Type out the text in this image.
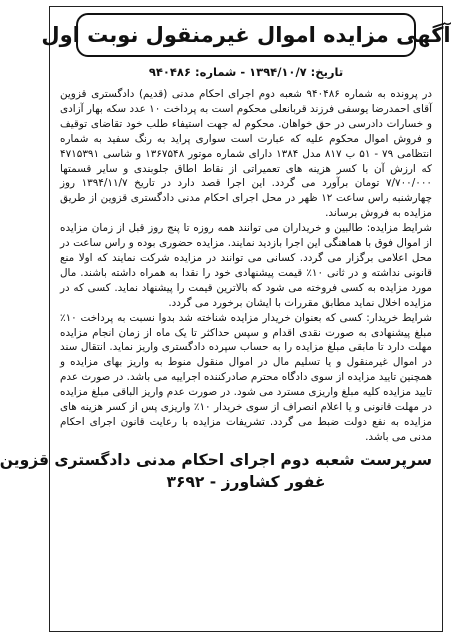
آگهی مزایده اموال غیرمنقول نوبت اول
تاریخ: ۱۳۹۴/۱۰/۷ - شماره: ۹۴۰۴۸۶

در پرونده به شماره ۹۴۰۴۸۶ شعبه دوم اجرای احکام مدنی (قدیم) دادگستری قزوین آقای احمدرضا یوسفی فرزند قربانعلی محکوم است به پرداخت ۱۰ عدد سکه بهار آزادی و خسارات دادرسی در حق خواهان. محکوم له جهت استیفاء طلب خود تقاضای توقیف و فروش اموال محکوم علیه که عبارت است سواری پراید به رنگ سفید به شماره انتظامی ۷۹ - ۵۱ ب ۸۱۷ مدل ۱۳۸۴ دارای شماره موتور ۱۳۶۷۵۴۸ و شاسی ۴۷۱۵۳۹۱ که ارزش آن با کسر هزینه های تعمیراتی از نقاط اطاق جلوبندی و سایر قسمتها ۷/۷۰۰/۰۰۰ تومان برآورد می گردد. این اجرا قصد دارد در تاریخ ۱۳۹۴/۱۱/۷ روز چهارشنبه راس ساعت ۱۲ ظهر در محل اجرای احکام مدنی دادگستری قزوین از طریق مزایده به فروش برساند.

شرایط مزایده: طالبین و خریداران می توانند همه روزه تا پنج روز قبل از زمان مزایده از اموال فوق با هماهنگی این اجرا بازدید نمایند. مزایده حضوری بوده و راس ساعت در محل اعلامی برگزار می گردد. کسانی می توانند در مزایده شرکت نمایند که اولا منع قانونی نداشته و در ثانی ۱۰٪ قیمت پیشنهادی خود را نقدا به همراه داشته باشند. مال مورد مزایده به کسی فروخته می شود که بالاترین قیمت را پیشنهاد نماید. کسی که در مزایده اخلال نماید مطابق مقررات با ایشان برخورد می گردد.

شرایط خریدار: کسی که بعنوان خریدار مزایده شناخته شد بدوا نسبت به پرداخت ۱۰٪ مبلغ پیشنهادی به صورت نقدی اقدام و سپس حداکثر تا یک ماه از زمان انجام مزایده مهلت دارد تا مابقی مبلغ مزایده را به حساب سپرده دادگستری واریز نماید. انتقال سند در اموال غیرمنقول و یا تسلیم مال در اموال منقول منوط به واریز بهای مزایده و همچنین تایید مزایده از سوی دادگاه محترم صادرکننده اجراییه می باشد. در صورت عدم تایید مزایده کلیه مبلغ واریزی مسترد می شود. در صورت عدم واریز الباقی مبلغ مزایده در مهلت قانونی و یا اعلام انصراف از سوی خریدار ۱۰٪ واریزی پس از کسر هزینه های مزایده به نفع دولت ضبط می گردد. تشریفات مزایده با رعایت قانون اجرای احکام مدنی می باشد.

سرپرست شعبه دوم اجرای احکام مدنی دادگستری قزوین
غفور کشاورز - ۳۶۹۲
